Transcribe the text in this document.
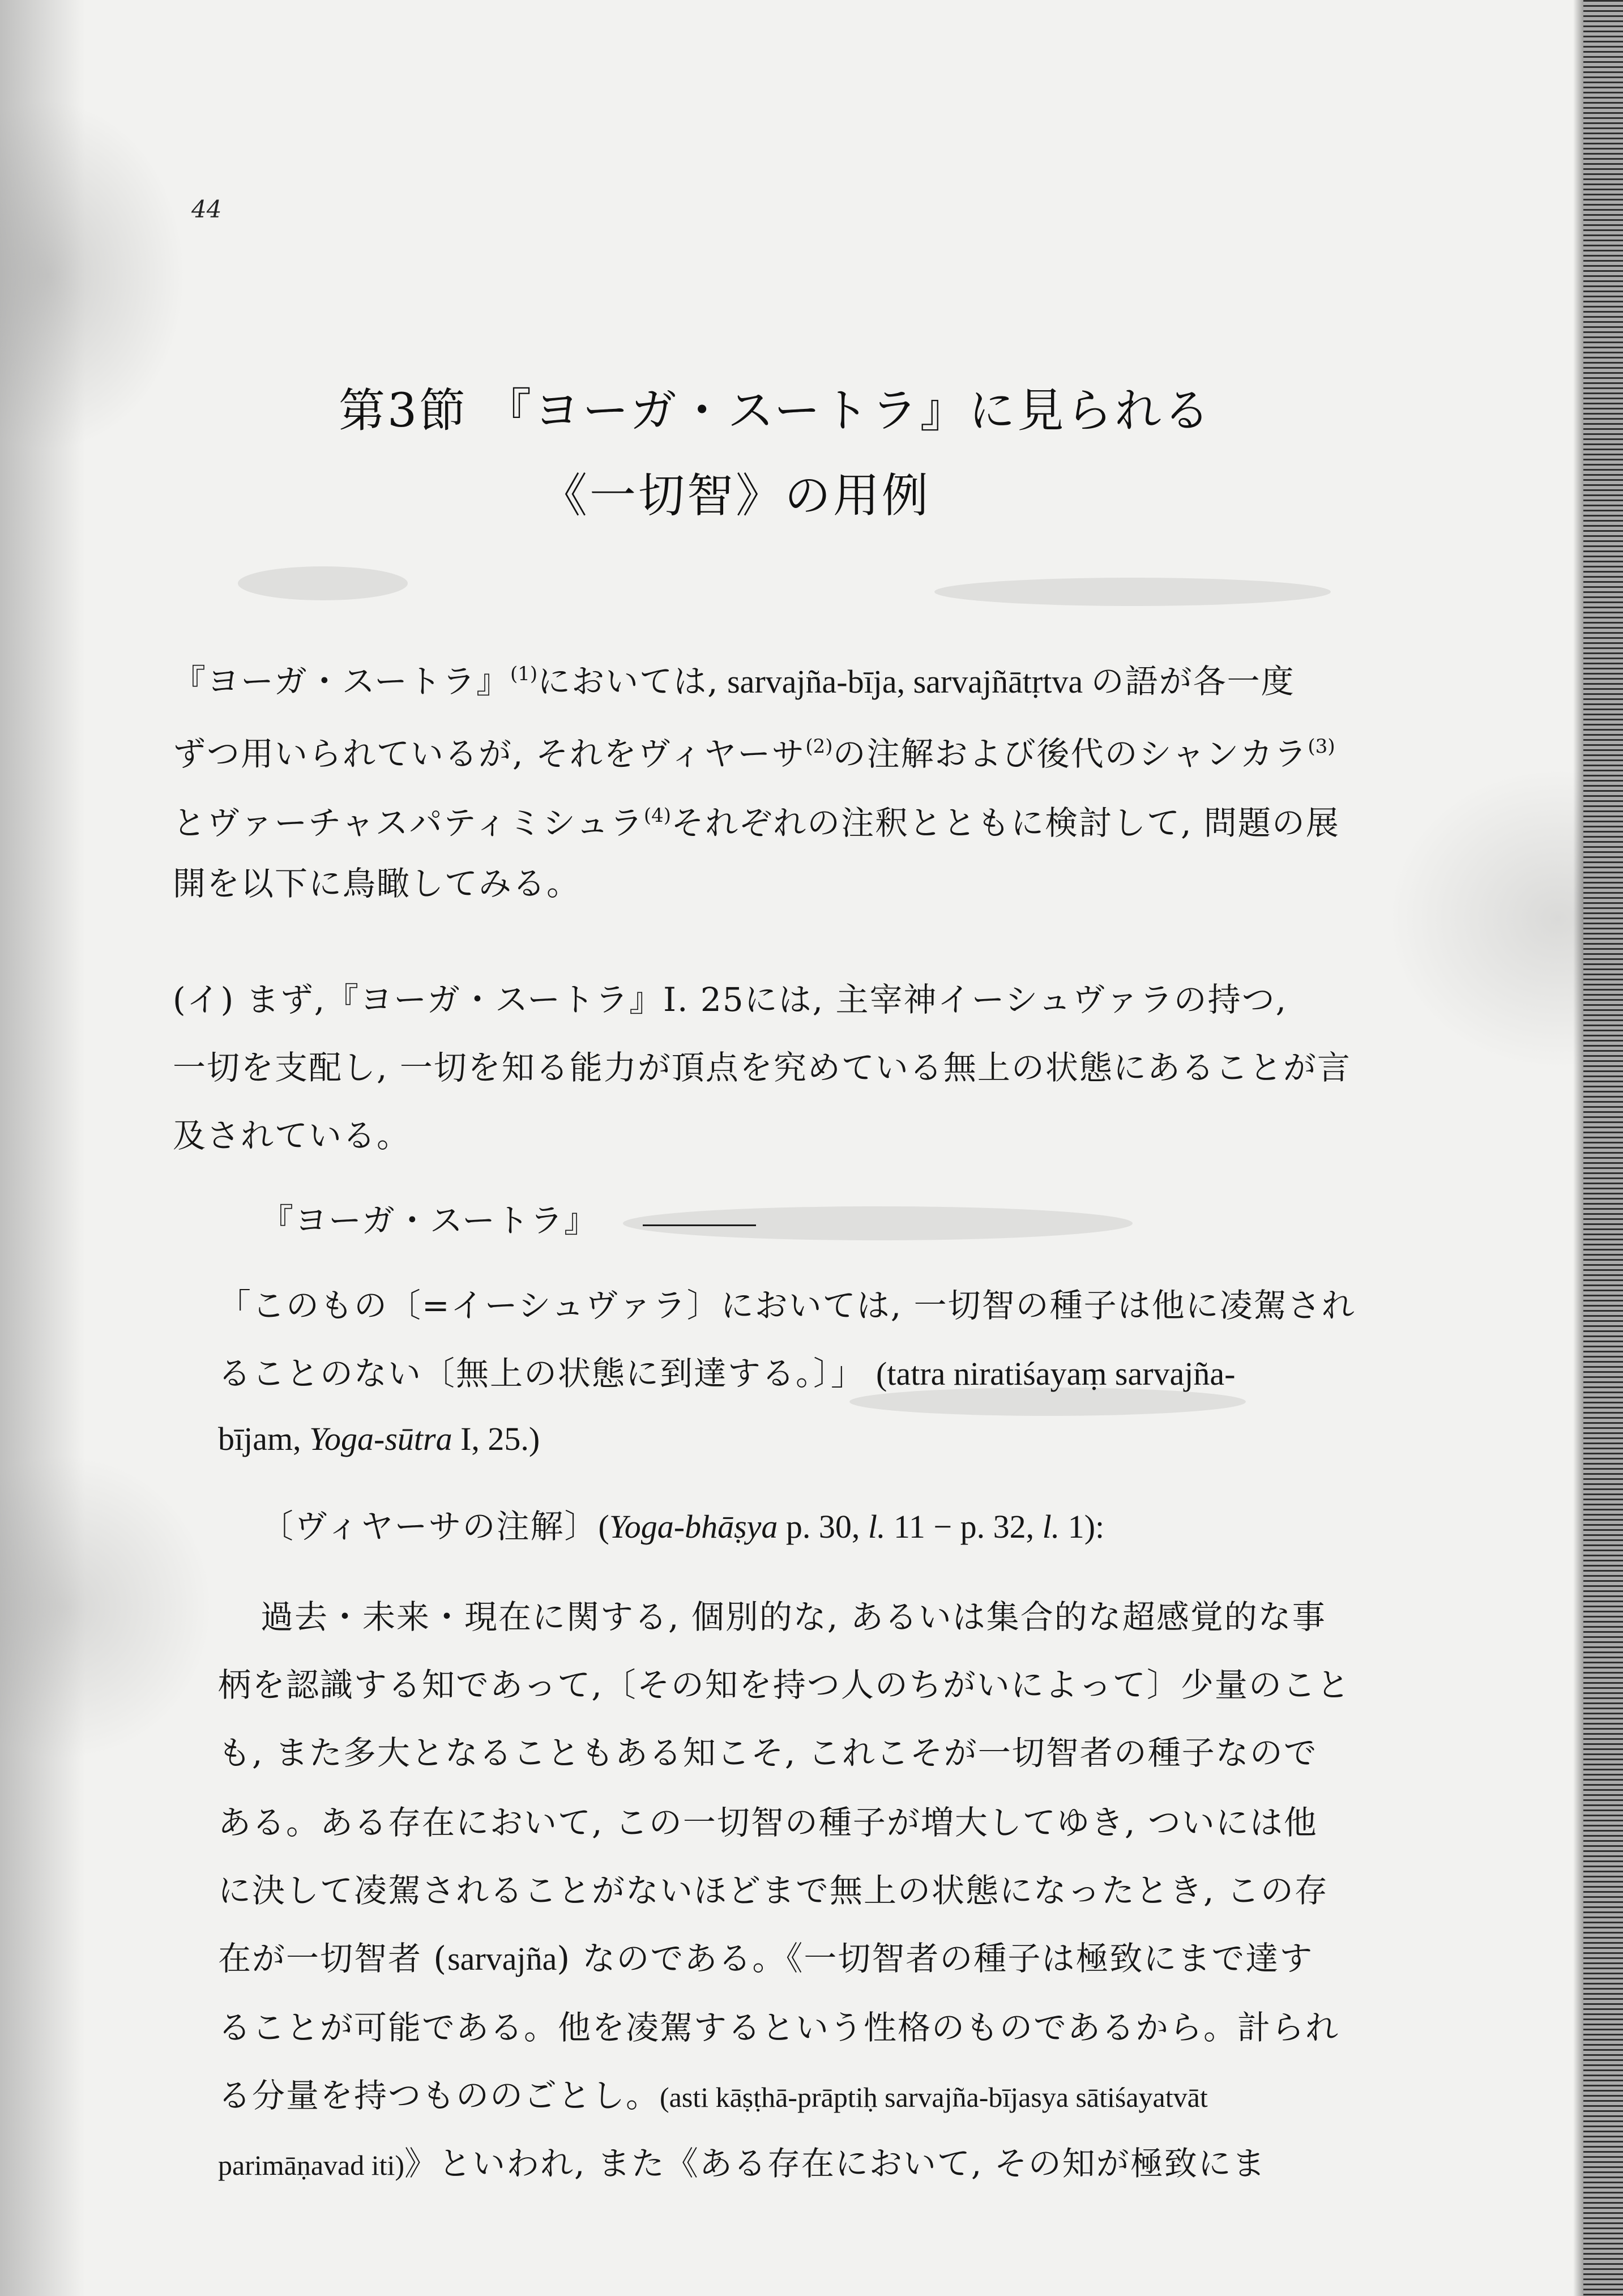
44
第3節 『ヨーガ・スートラ』に見られる
《一切智》の用例
『ヨーガ・スートラ』$^{(1)}$においては, sarvajña-bīja, sarvajñātṛtva の語が各一度
ずつ用いられているが, それをヴィヤーサ$^{(2)}$の注解および後代のシャンカラ$^{(3)}$
とヴァーチャスパティミシュラ$^{(4)}$それぞれの注釈とともに検討して, 問題の展
開を以下に鳥瞰してみる。
(イ) まず,『ヨーガ・スートラ』I. 25には, 主宰神イーシュヴァラの持つ,
一切を支配し, 一切を知る能力が頂点を究めている無上の状態にあることが言
及されている。
『ヨーガ・スートラ』
「このもの〔=イーシュヴァラ〕においては, 一切智の種子は他に凌駕され
ることのない〔無上の状態に到達する。〕」 (tatra niratiśayaṃ sarvajña-
bījam, Yoga-sūtra I, 25.)
〔ヴィヤーサの注解〕(Yoga-bhāṣya p. 30, l. 11 − p. 32, l. 1):
過去・未来・現在に関する, 個別的な, あるいは集合的な超感覚的な事
柄を認識する知であって,〔その知を持つ人のちがいによって〕少量のこと
も, また多大となることもある知こそ, これこそが一切智者の種子なので
ある。ある存在において, この一切智の種子が増大してゆき, ついには他
に決して凌駕されることがないほどまで無上の状態になったとき, この存
在が一切智者 (sarvajña) なのである。《一切智者の種子は極致にまで達す
ることが可能である。他を凌駕するという性格のものであるから。計られ
る分量を持つもののごとし。(asti kāṣṭhā-prāptiḥ sarvajña-bījasya sātiśayatvāt
parimāṇavad iti)》といわれ, また《ある存在において, その知が極致にま
